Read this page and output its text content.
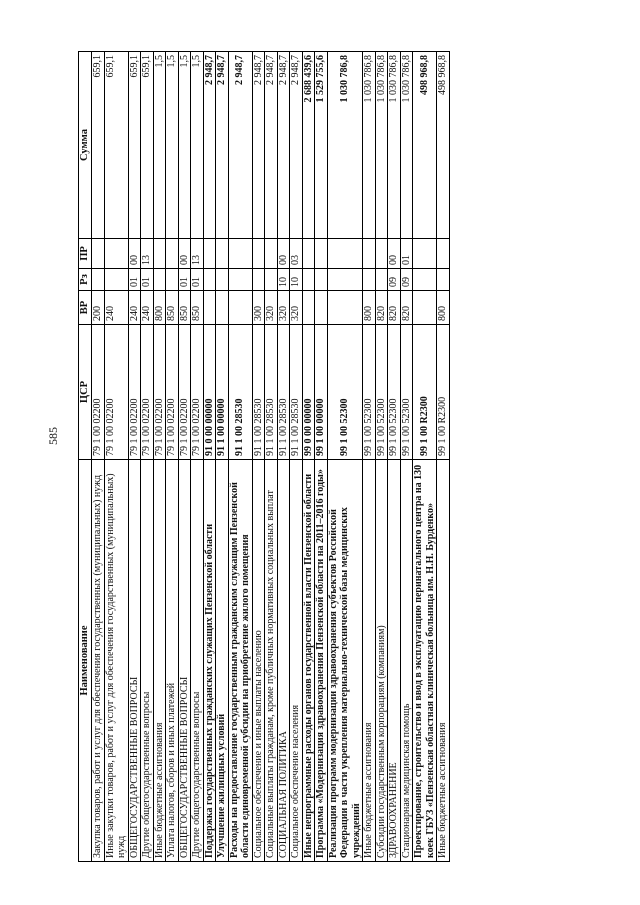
585
Наименование	ЦСР	ВР	Рз	ПР	Сумма
Закупка товаров, работ и услуг для обеспечения государственных (муниципальных) нужд	79 1 00 02200	200			659,1
Иные закупки товаров, работ и услуг для обеспечения государственных (муниципальных) нужд	79 1 00 02200	240			659,1
ОБЩЕГОСУДАРСТВЕННЫЕ ВОПРОСЫ	79 1 00 02200	240	01	00	659,1
Другие общегосударственные вопросы	79 1 00 02200	240	01	13	659,1
Иные бюджетные ассигнования	79 1 00 02200	800			1,5
Уплата налогов, сборов и иных платежей	79 1 00 02200	850			1,5
ОБЩЕГОСУДАРСТВЕННЫЕ ВОПРОСЫ	79 1 00 02200	850	01	00	1,5
Другие общегосударственные вопросы	79 1 00 02200	850	01	13	1,5
Поддержка государственных гражданских служащих Пензенской области	91 0 00 00000				2 948,7
Улучшение жилищных условий	91 1 00 00000				2 948,7
Расходы на предоставление государственным гражданским служащим Пензенской области единовременной субсидии на приобретение жилого помещения	91 1 00 28530				2 948,7
Социальное обеспечение и иные выплаты населению	91 1 00 28530	300			2 948,7
Социальные выплаты гражданам, кроме публичных нормативных социальных выплат	91 1 00 28530	320			2 948,7
СОЦИАЛЬНАЯ ПОЛИТИКА	91 1 00 28530	320	10	00	2 948,7
Социальное обеспечение населения	91 1 00 28530	320	10	03	2 948,7
Иные непрограммные расходы органов государственной власти Пензенской области	99 0 00 00000				2 688 439,6
Программа «Модернизация здравоохранения Пензенской области на 2011–2016 годы»	99 1 00 00000				1 529 755,6
Реализация программ модернизации здравоохранения субъектов Российской Федерации в части укрепления материально-технической базы медицинских учреждений	99 1 00 52300				1 030 786,8
Иные бюджетные ассигнования	99 1 00 52300	800			1 030 786,8
Субсидии государственным корпорациям (компаниям)	99 1 00 52300	820			1 030 786,8
ЗДРАВООХРАНЕНИЕ	99 1 00 52300	820	09	00	1 030 786,8
Стационарная медицинская помощь	99 1 00 52300	820	09	01	1 030 786,8
Проектирование, строительство и ввод в эксплуатацию перинатального центра на 130 коек ГБУЗ «Пензенская областная клиническая больница им. Н.Н. Бурденко»	99 1 00 R2300				498 968,8
Иные бюджетные ассигнования	99 1 00 R2300	800			498 968,8
